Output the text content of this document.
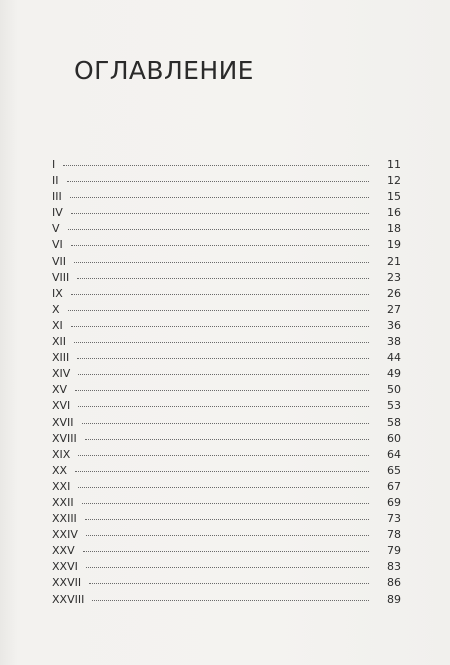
ОГЛАВЛЕНИЕ
I	11
II	12
III	15
IV	16
V	18
VI	19
VII	21
VIII	23
IX	26
X	27
XI	36
XII	38
XIII	44
XIV	49
XV	50
XVI	53
XVII	58
XVIII	60
XIX	64
XX	65
XXI	67
XXII	69
XXIII	73
XXIV	78
XXV	79
XXVI	83
XXVII	86
XXVIII	89
